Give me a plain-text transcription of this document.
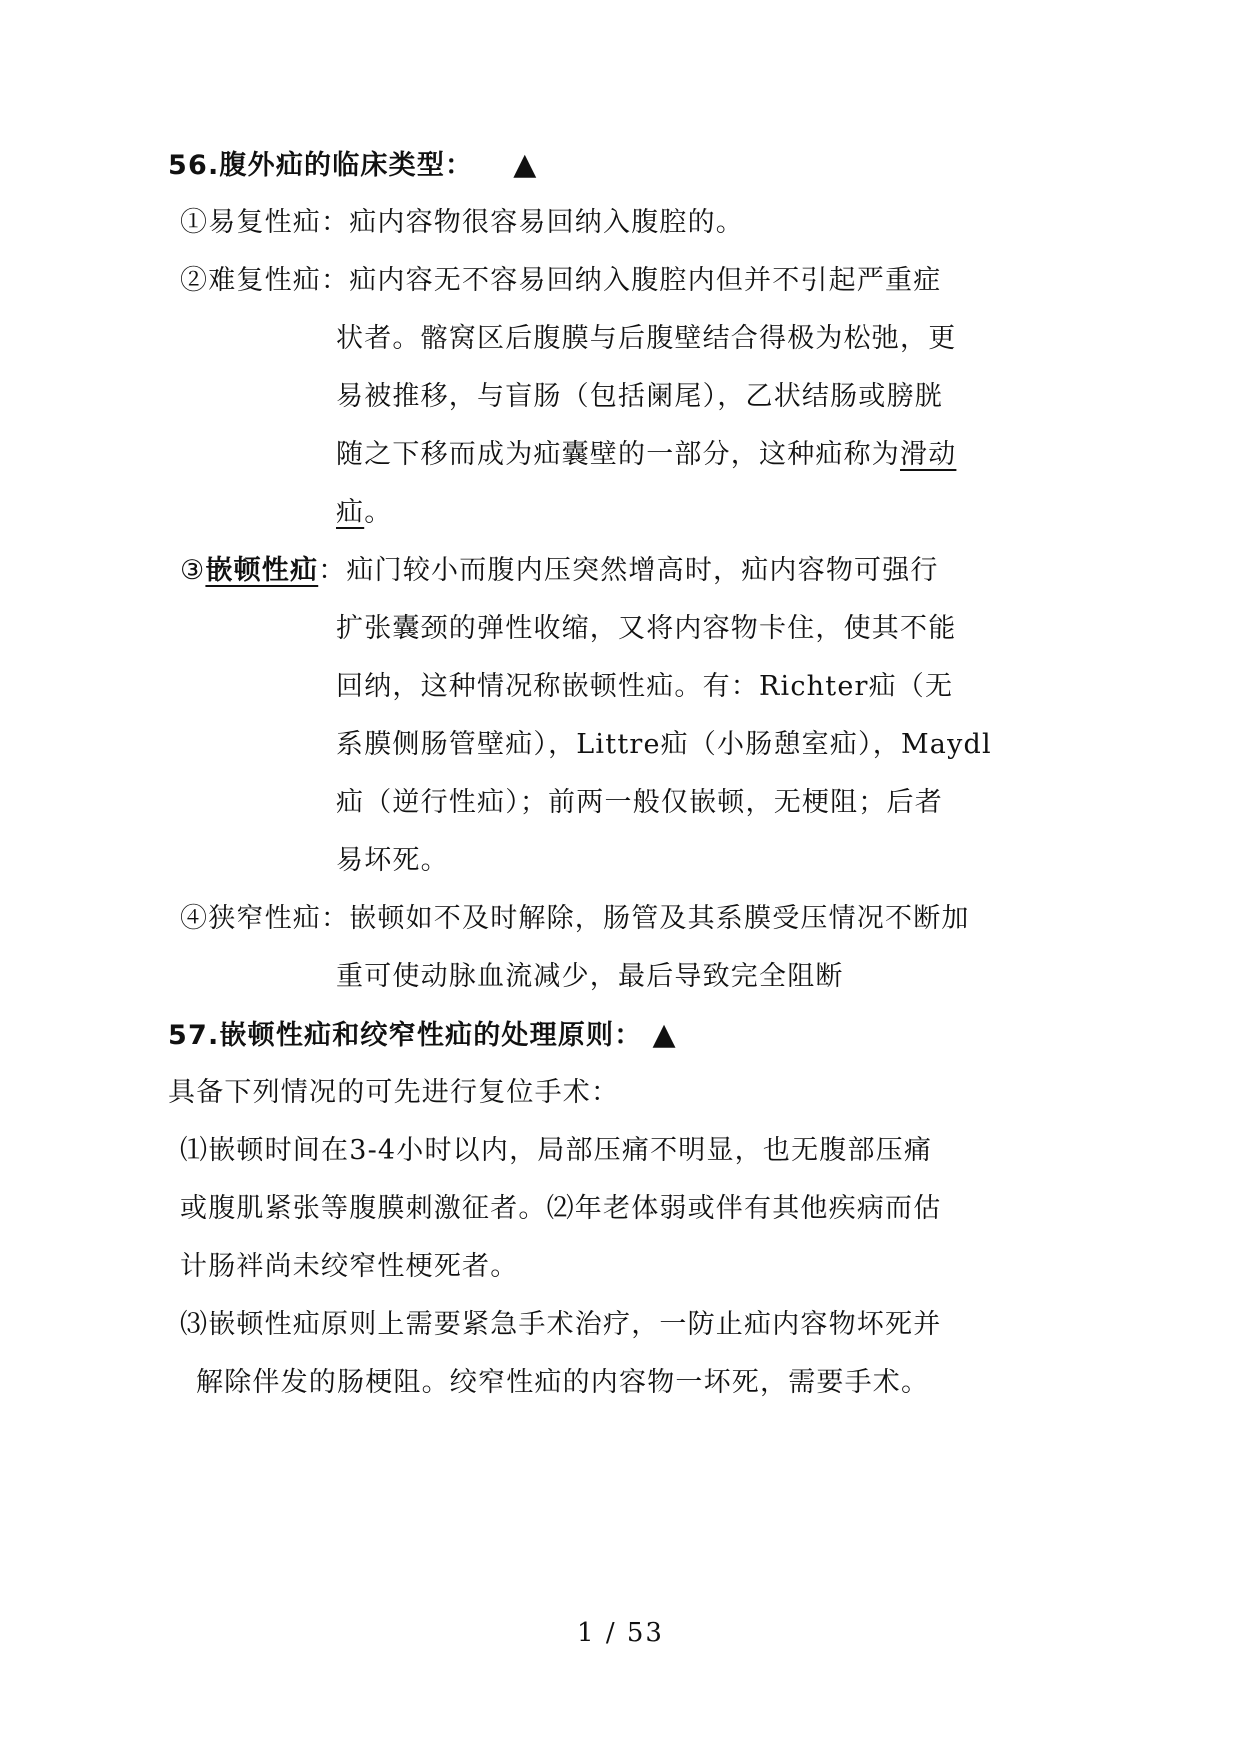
56.腹外疝的临床类型： ▲
①易复性疝：疝内容物很容易回纳入腹腔的。
②难复性疝：疝内容无不容易回纳入腹腔内但并不引起严重症
状者。髂窝区后腹膜与后腹壁结合得极为松弛，更
易被推移，与盲肠（包括阑尾），乙状结肠或膀胱
随之下移而成为疝囊壁的一部分，这种疝称为滑动
疝。
③嵌顿性疝：疝门较小而腹内压突然增高时，疝内容物可强行
扩张囊颈的弹性收缩，又将内容物卡住，使其不能
回纳，这种情况称嵌顿性疝。有：Richter疝（无
系膜侧肠管壁疝），Littre疝（小肠憩室疝），Maydl
疝（逆行性疝）；前两一般仅嵌顿，无梗阻；后者
易坏死。
④狭窄性疝：嵌顿如不及时解除，肠管及其系膜受压情况不断加
重可使动脉血流减少，最后导致完全阻断
57.嵌顿性疝和绞窄性疝的处理原则： ▲
具备下列情况的可先进行复位手术：
⑴嵌顿时间在3-4小时以内，局部压痛不明显，也无腹部压痛
或腹肌紧张等腹膜刺激征者。⑵年老体弱或伴有其他疾病而估
计肠袢尚未绞窄性梗死者。
⑶嵌顿性疝原则上需要紧急手术治疗，一防止疝内容物坏死并
解除伴发的肠梗阻。绞窄性疝的内容物一坏死，需要手术。
1 / 53
